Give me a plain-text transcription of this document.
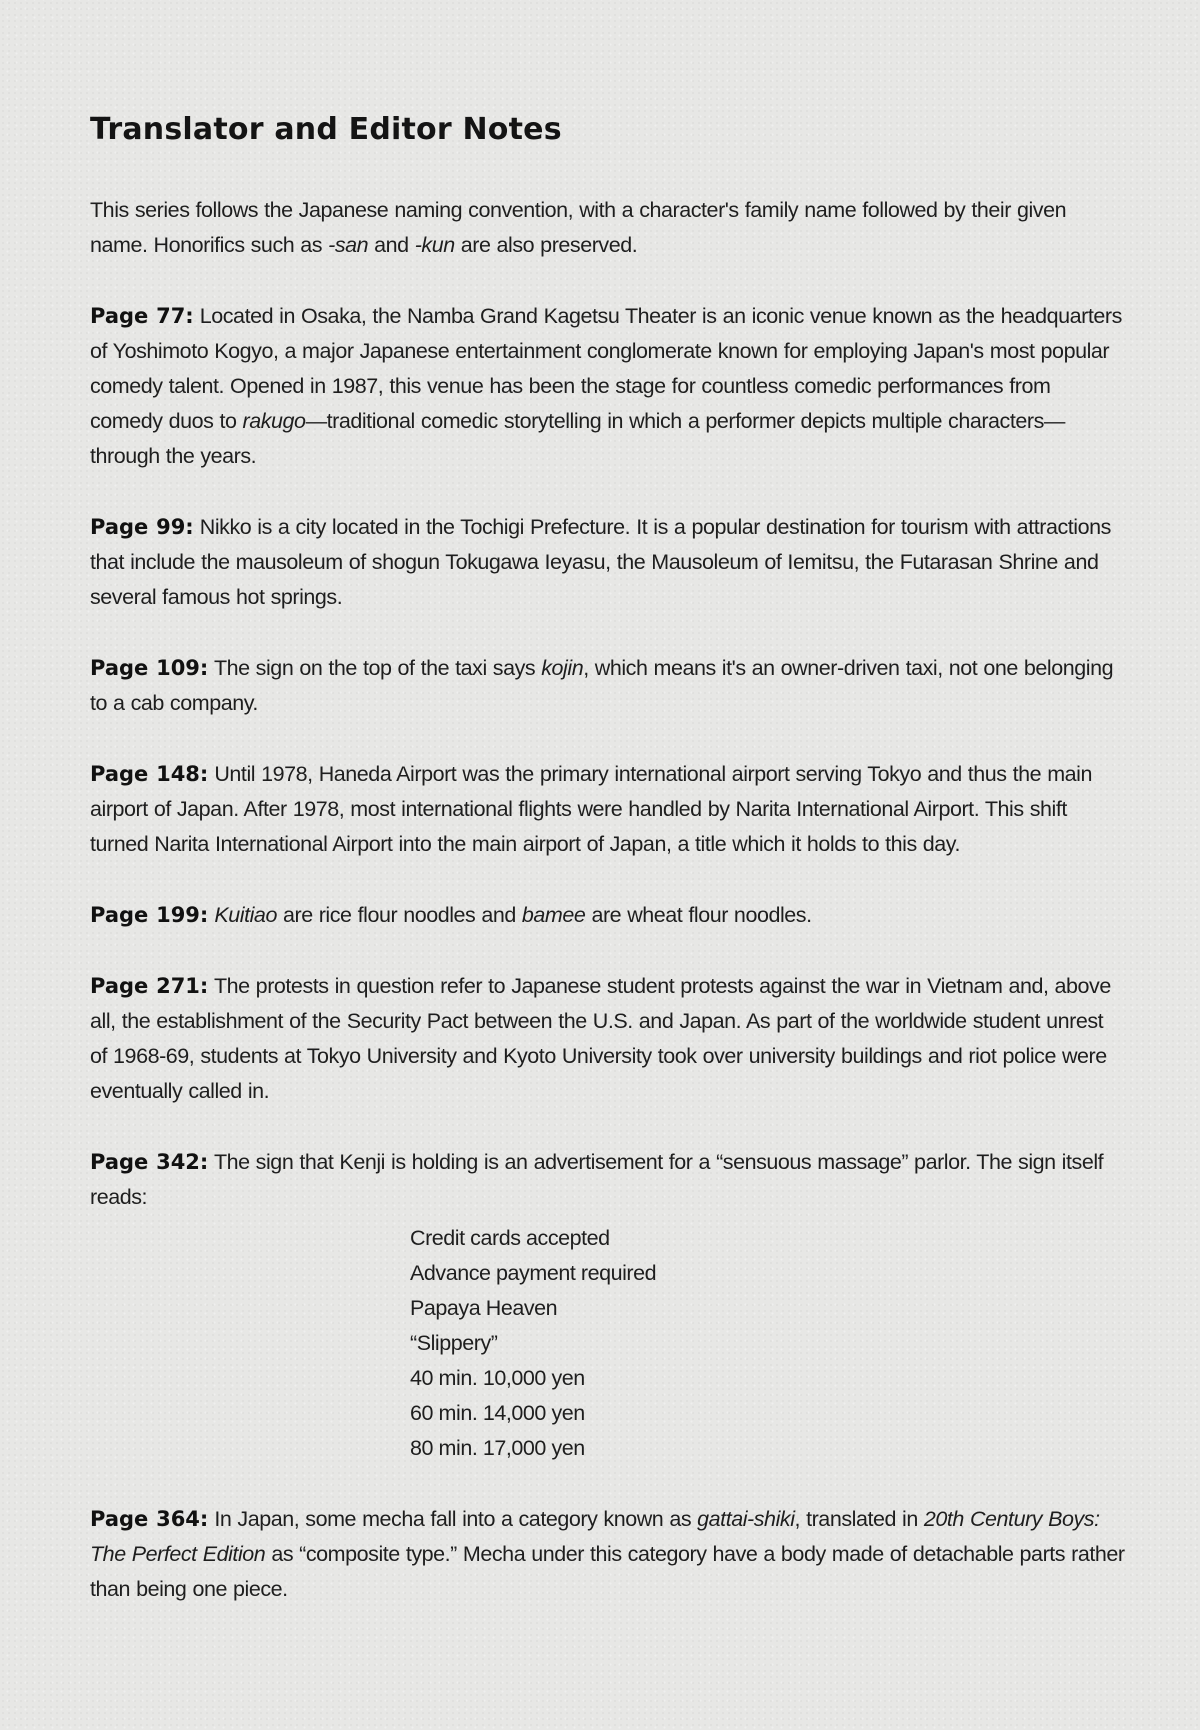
Translator and Editor Notes

This series follows the Japanese naming convention, with a character's family name followed by their given name. Honorifics such as -san and -kun are also preserved.

Page 77: Located in Osaka, the Namba Grand Kagetsu Theater is an iconic venue known as the headquarters of Yoshimoto Kogyo, a major Japanese entertainment conglomerate known for employing Japan's most popular comedy talent. Opened in 1987, this venue has been the stage for countless comedic performances from comedy duos to rakugo—traditional comedic storytelling in which a performer depicts multiple characters—through the years.

Page 99: Nikko is a city located in the Tochigi Prefecture. It is a popular destination for tourism with attractions that include the mausoleum of shogun Tokugawa Ieyasu, the Mausoleum of Iemitsu, the Futarasan Shrine and several famous hot springs.

Page 109: The sign on the top of the taxi says kojin, which means it's an owner-driven taxi, not one belonging to a cab company.

Page 148: Until 1978, Haneda Airport was the primary international airport serving Tokyo and thus the main airport of Japan. After 1978, most international flights were handled by Narita International Airport. This shift turned Narita International Airport into the main airport of Japan, a title which it holds to this day.

Page 199: Kuitiao are rice flour noodles and bamee are wheat flour noodles.

Page 271: The protests in question refer to Japanese student protests against the war in Vietnam and, above all, the establishment of the Security Pact between the U.S. and Japan. As part of the worldwide student unrest of 1968-69, students at Tokyo University and Kyoto University took over university buildings and riot police were eventually called in.

Page 342: The sign that Kenji is holding is an advertisement for a “sensuous massage” parlor. The sign itself reads:

Credit cards accepted
Advance payment required
Papaya Heaven
“Slippery”
40 min. 10,000 yen
60 min. 14,000 yen
80 min. 17,000 yen

Page 364: In Japan, some mecha fall into a category known as gattai-shiki, translated in 20th Century Boys: The Perfect Edition as “composite type.” Mecha under this category have a body made of detachable parts rather than being one piece.
